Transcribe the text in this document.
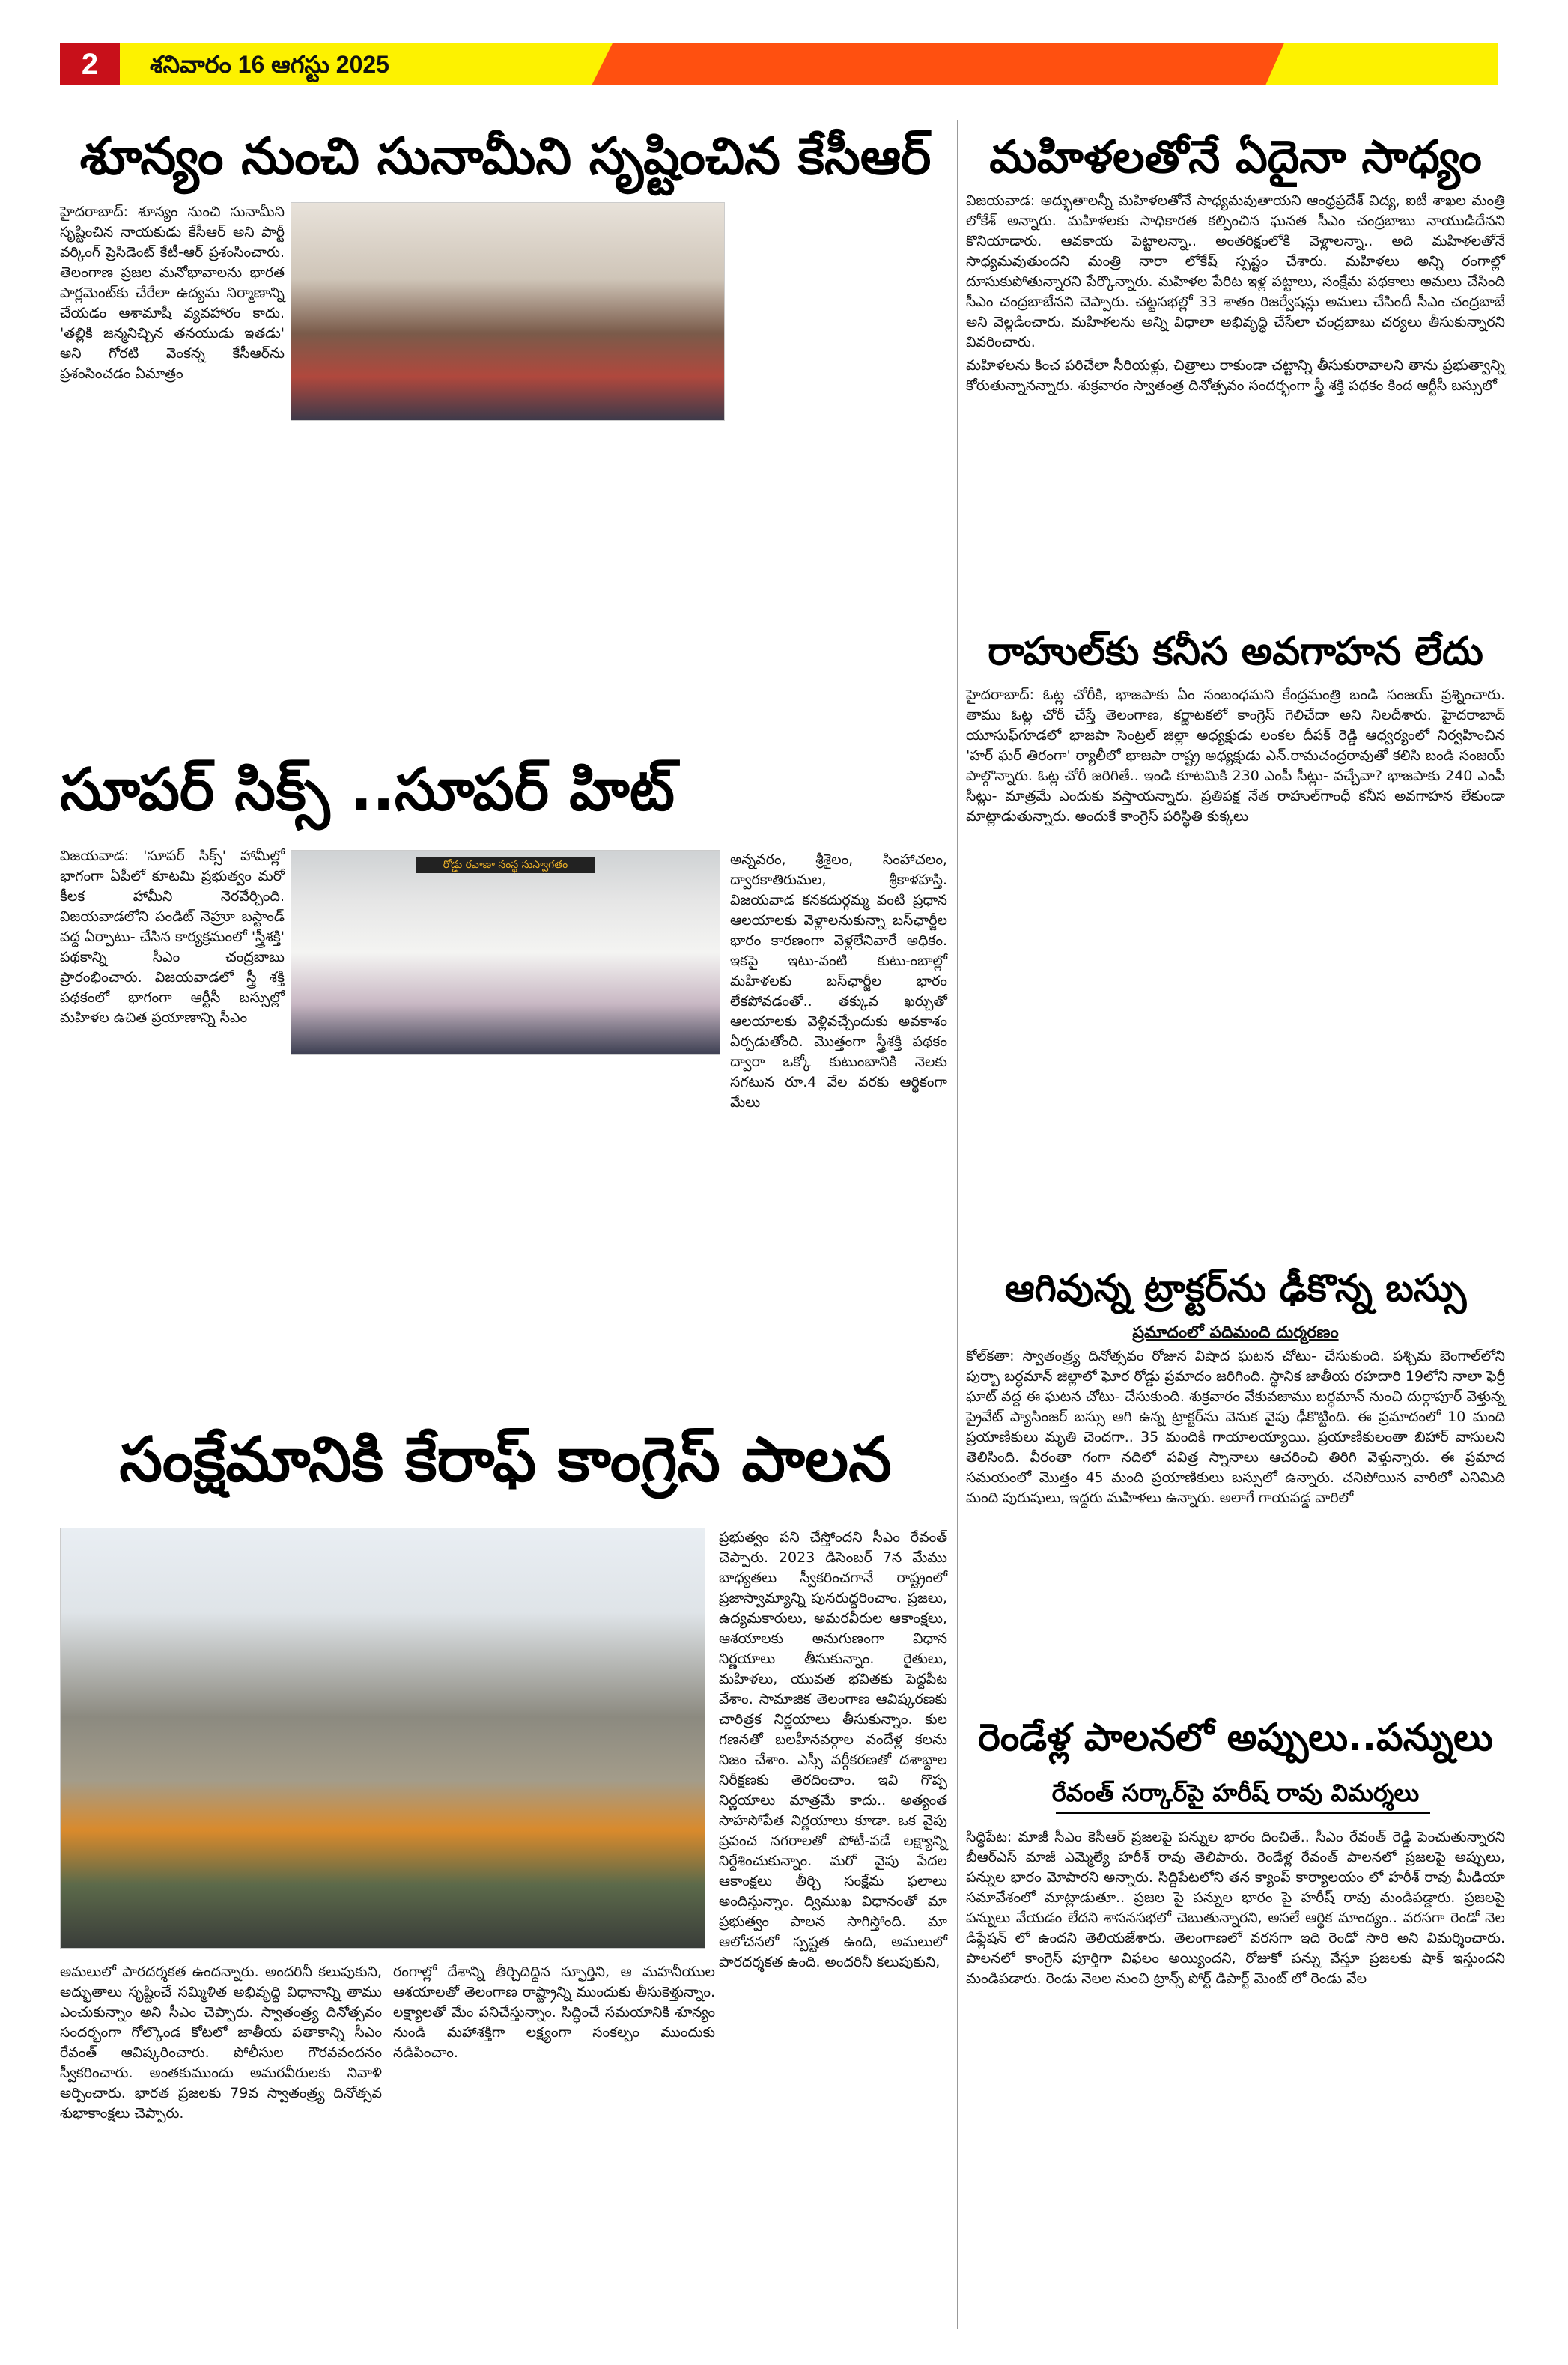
2	శనివారం 16 ఆగస్టు 2025
శూన్యం నుంచి సునామీని సృష్టించిన కేసీఆర్

హైదరాబాద్: శూన్యం నుంచి సునామీని సృష్టించిన నాయకుడు కేసీఆర్ అని పార్టీ వర్కింగ్ ప్రెసిడెంట్ కేటీ-ఆర్ ప్రశంసించారు. తెలంగాణ ప్రజల మనోభావాలను భారత పార్లమెంట్‌కు చేరేలా ఉద్యమ నిర్మాణాన్ని చేయడం ఆశామాషీ వ్యవహారం కాదు. 'తల్లికి జన్మనిచ్చిన తనయుడు ఇతడు' అని గోరటి వెంకన్న కేసీఆర్‌ను ప్రశంసించడం ఏమాత్రం

మహిళలతోనే ఏదైనా సాధ్యం

విజయవాడ: అద్భుతాలన్నీ మహిళలతోనే సాధ్యమవుతాయని ఆంధ్రప్రదేశ్ విద్య, ఐటీ శాఖల మంత్రి లోకేశ్ అన్నారు. మహిళలకు సాధికారత కల్పించిన ఘనత సీఎం చంద్రబాబు నాయుడిదేనని కొనియాడారు. ఆవకాయ పెట్టాలన్నా.. అంతరిక్షంలోకి వెళ్లాలన్నా.. అది మహిళలతోనే సాధ్యమవుతుందని మంత్రి నారా లోకేష్ స్పష్టం చేశారు. మహిళలు అన్ని రంగాల్లో దూసుకుపోతున్నారని పేర్కొన్నారు. మహిళల పేరిట ఇళ్ల పట్టాలు, సంక్షేమ పథకాలు అమలు చేసింది సీఎం చంద్రబాబేనని చెప్పారు. చట్టసభల్లో 33 శాతం రిజర్వేషన్లు అమలు చేసిందీ సీఎం చంద్రబాబే అని వెల్లడించారు. మహిళలను అన్ని విధాలా అభివృద్ధి చేసేలా చంద్రబాబు చర్యలు తీసుకున్నారని వివరించారు.

మహిళలను కించ పరిచేలా సీరియళ్లు, చిత్రాలు రాకుండా చట్టాన్ని తీసుకురావాలని తాను ప్రభుత్వాన్ని కోరుతున్నానన్నారు. శుక్రవారం స్వాతంత్ర దినోత్సవం సందర్భంగా స్త్రీ శక్తి పథకం కింద ఆర్టీసీ బస్సులో

రాహుల్‌కు కనీస అవగాహన లేదు

హైదరాబాద్: ఓట్ల చోరీకి, భాజపాకు ఏం సంబంధమని కేంద్రమంత్రి బండి సంజయ్ ప్రశ్నించారు. తాము ఓట్ల చోరీ చేస్తే తెలంగాణ, కర్ణాటకలో కాంగ్రెస్ గెలిచేదా అని నిలదీశారు. హైదరాబాద్ యూసుఫ్‌గూడలో భాజపా సెంట్రల్ జిల్లా అధ్యక్షుడు లంకల దీపక్ రెడ్డి ఆధ్వర్యంలో నిర్వహించిన 'హర్ ఘర్ తిరంగా' ర్యాలీలో భాజపా రాష్ట్ర అధ్యక్షుడు ఎన్.రామచంద్రరావుతో కలిసి బండి సంజయ్ పాల్గొన్నారు. ఓట్ల చోరీ జరిగితే.. ఇండి కూటమికి 230 ఎంపీ సీట్లు- వచ్చేవా? భాజపాకు 240 ఎంపీ సీట్లు- మాత్రమే ఎందుకు వస్తాయన్నారు. ప్రతిపక్ష నేత రాహుల్‌గాంధీ కనీస అవగాహన లేకుండా మాట్లాడుతున్నారు. అందుకే కాంగ్రెస్ పరిస్థితి కుక్కలు

ఆగివున్న ట్రాక్టర్‌ను ఢీకొన్న బస్సు
ప్రమాదంలో పదిమంది దుర్మరణం

కోల్‌కతా: స్వాతంత్ర్య దినోత్సవం రోజున విషాద ఘటన చోటు- చేసుకుంది. పశ్చిమ బెంగాల్‌లోని పుర్బా బర్ధమాన్ జిల్లాలో ఘోర రోడ్డు ప్రమాదం జరిగింది. స్థానిక జాతీయ రహదారి 19లోని నాలా ఫెర్రీ ఘాట్ వద్ద ఈ ఘటన చోటు- చేసుకుంది. శుక్రవారం వేకువజాము బర్ధమాన్ నుంచి దుర్గాపూర్ వెళ్తున్న ప్రైవేట్ ప్యాసింజర్ బస్సు ఆగి ఉన్న ట్రాక్టర్‌ను వెనుక వైపు ఢీకొట్టింది. ఈ ప్రమాదంలో 10 మంది ప్రయాణికులు మృతి చెందగా.. 35 మందికి గాయాలయ్యాయి. ప్రయాణికులంతా బిహార్ వాసులని తెలిసింది. వీరంతా గంగా నదిలో పవిత్ర స్నానాలు ఆచరించి తిరిగి వెళ్తున్నారు. ఈ ప్రమాద సమయంలో మొత్తం 45 మంది ప్రయాణికులు బస్సులో ఉన్నారు. చనిపోయిన వారిలో ఎనిమిది మంది పురుషులు, ఇద్దరు మహిళలు ఉన్నారు. అలాగే గాయపడ్డ వారిలో

రెండేళ్ల పాలనలో అప్పులు..పన్నులు
రేవంత్ సర్కార్‌పై హరీష్ రావు విమర్శలు

సిద్ధిపేట: మాజీ సీఎం కెసీఆర్ ప్రజలపై పన్నుల భారం దించితే.. సీఎం రేవంత్ రెడ్డి పెంచుతున్నారని బీఆర్ఎస్ మాజీ ఎమ్మెల్యే హరీశ్ రావు తెలిపారు. రెండేళ్ల రేవంత్ పాలనలో ప్రజలపై అప్పులు, పన్నుల భారం మోపారని అన్నారు. సిద్దిపేటలోని తన క్యాంప్ కార్యాలయం లో హరీశ్ రావు మీడియా సమావేశంలో మాట్లాడుతూ.. ప్రజల పై పన్నుల భారం పై హరీష్ రావు మండిపడ్డారు. ప్రజలపై పన్నులు వేయడం లేదని శాసనసభలో చెబుతున్నారని, అసలే ఆర్థిక మాంద్యం.. వరసగా రెండో నెల డిఫ్లేషన్ లో ఉందని తెలియజేశారు. తెలంగాణలో వరసగా ఇది రెండో సారి అని విమర్శించారు. పాలనలో కాంగ్రెస్ పూర్తిగా విఫలం అయ్యిందని, రోజుకో పన్ను వేస్తూ ప్రజలకు షాక్ ఇస్తుందని మండిపడారు. రెండు నెలల నుంచి ట్రాన్స్ పోర్ట్ డిపార్ట్ మెంట్ లో రెండు వేల

సూపర్ సిక్స్ ..సూపర్ హిట్

విజయవాడ: 'సూపర్ సిక్స్' హామీల్లో భాగంగా ఏపీలో కూటమి ప్రభుత్వం మరో కీలక హామీని నెరవేర్చింది. విజయవాడలోని పండిట్ నెహ్రూ బస్టాండ్ వద్ద ఏర్పాటు- చేసిన కార్యక్రమంలో 'స్త్రీశక్తి' పథకాన్ని సీఎం చంద్రబాబు ప్రారంభించారు. విజయవాడలో స్త్రీ శక్తి పథకంలో భాగంగా ఆర్టీసీ బస్సుల్లో మహిళల ఉచిత ప్రయాణాన్ని సీఎం

రోడ్డు రవాణా సంస్థ సుస్వాగతం	అన్నవరం, శ్రీశైలం, సింహాచలం, ద్వారకాతిరుమల, శ్రీకాళహస్తి. విజయవాడ కనకదుర్గమ్మ వంటి ప్రధాన ఆలయాలకు వెళ్లాలనుకున్నా బస్‌ఛార్జీల భారం కారణంగా వెళ్లలేనివారే అధికం. ఇకపై ఇటు-వంటి కుటు-ంబాల్లో మహిళలకు బస్‌ఛార్జీల భారం లేకపోవడంతో.. తక్కువ ఖర్చుతో ఆలయాలకు వెళ్లివచ్చేందుకు అవకాశం ఏర్పడుతోంది. మొత్తంగా స్త్రీశక్తి పథకం ద్వారా ఒక్కో కుటుంబానికి నెలకు సగటున రూ.4 వేల వరకు ఆర్థికంగా మేలు

సంక్షేమానికి కేరాఫ్ కాంగ్రెస్ పాలన

ప్రభుత్వం పని చేస్తోందని సీఎం రేవంత్ చెప్పారు. 2023 డిసెంబర్ 7న మేము బాధ్యతలు స్వీకరించగానే రాష్ట్రంలో ప్రజాస్వామ్యాన్ని పునరుద్ధరించాం. ప్రజలు, ఉద్యమకారులు, అమరవీరుల ఆకాంక్షలు, ఆశయాలకు అనుగుణంగా విధాన నిర్ణయాలు తీసుకున్నాం. రైతులు, మహిళలు, యువత భవితకు పెద్దపీట వేశాం. సామాజిక తెలంగాణ ఆవిష్కరణకు చారిత్రక నిర్ణయాలు తీసుకున్నాం. కుల గణనతో బలహీనవర్గాల వందేళ్ల కలను నిజం చేశాం. ఎస్సీ వర్గీకరణతో దశాబ్దాల నిరీక్షణకు తెరదించాం. ఇవి గొప్ప నిర్ణయాలు మాత్రమే కాదు.. అత్యంత సాహసోపేత నిర్ణయాలు కూడా. ఒక వైపు ప్రపంచ నగరాలతో పోటీ-పడే లక్ష్యాన్ని నిర్దేశించుకున్నాం. మరో వైపు పేదల ఆకాంక్షలు తీర్చి సంక్షేమ ఫలాలు అందిస్తున్నాం. ద్విముఖ విధానంతో మా ప్రభుత్వం పాలన సాగిస్తోంది. మా ఆలోచనలో స్పష్టత ఉంది, అమలులో పారదర్శకత ఉంది. అందరినీ కలుపుకుని,

అమలులో పారదర్శకత ఉందన్నారు. అందరినీ కలుపుకుని, అద్భుతాలు సృష్టించే సమ్మిళిత అభివృద్ధి విధానాన్ని తాము ఎంచుకున్నాం అని సీఎం చెప్పారు. స్వాతంత్ర్య దినోత్సవం సందర్భంగా గోల్కొండ కోటలో జాతీయ పతాకాన్ని సీఎం రేవంత్ ఆవిష్కరించారు. పోలీసుల గౌరవవందనం స్వీకరించారు. అంతకుముందు అమరవీరులకు నివాళి అర్పించారు. భారత ప్రజలకు 79వ స్వాతంత్ర్య దినోత్సవ శుభాకాంక్షలు చెప్పారు.

రంగాల్లో దేశాన్ని తీర్చిదిద్దిన స్ఫూర్తిని, ఆ మహనీయుల ఆశయాలతో తెలంగాణ రాష్ట్రాన్ని ముందుకు తీసుకెళ్తున్నాం. లక్ష్యాలతో మేం పనిచేస్తున్నాం. సిద్ధించే సమయానికి శూన్యం నుండి మహాశక్తిగా లక్ష్యంగా సంకల్పం ముందుకు నడిపించాం.
